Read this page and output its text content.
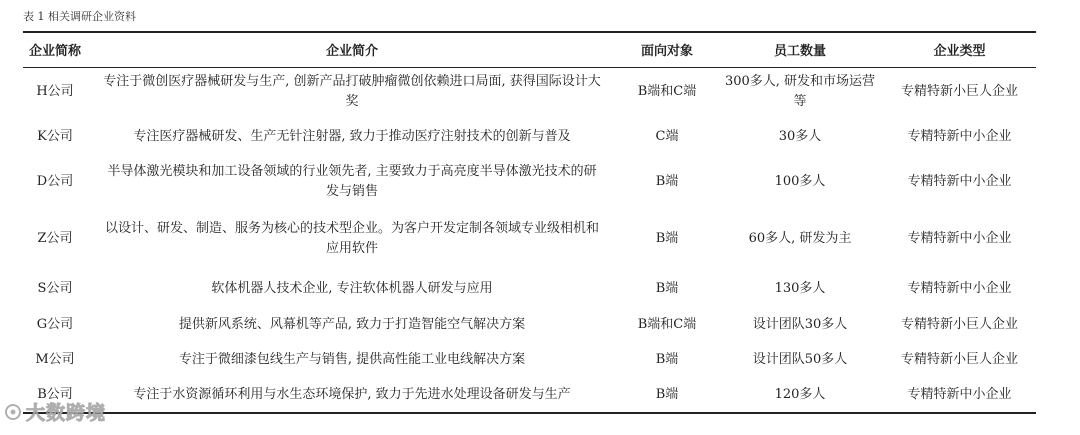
表 1 相关调研企业资料
企业简称	企业简介	面向对象	员工数量	企业类型
H公司	专注于微创医疗器械研发与生产, 创新产品打破肿瘤微创依赖进口局面, 获得国际设计大奖	B端和C端	300多人, 研发和市场运营等	专精特新小巨人企业
K公司	专注医疗器械研发、生产无针注射器, 致力于推动医疗注射技术的创新与普及	C端	30多人	专精特新中小企业
D公司	半导体激光模块和加工设备领域的行业领先者, 主要致力于高亮度半导体激光技术的研发与销售	B端	100多人	专精特新中小企业
Z公司	以设计、研发、制造、服务为核心的技术型企业。为客户开发定制各领域专业级相机和应用软件	B端	60多人, 研发为主	专精特新中小企业
S公司	软体机器人技术企业, 专注软体机器人研发与应用	B端	130多人	专精特新中小企业
G公司	提供新风系统、风幕机等产品, 致力于打造智能空气解决方案	B端和C端	设计团队30多人	专精特新小巨人企业
M公司	专注于微细漆包线生产与销售, 提供高性能工业电线解决方案	B端	设计团队50多人	专精特新小巨人企业
B公司	专注于水资源循环利用与水生态环境保护, 致力于先进水处理设备研发与生产	B端	120多人	专精特新中小企业
大数跨境
